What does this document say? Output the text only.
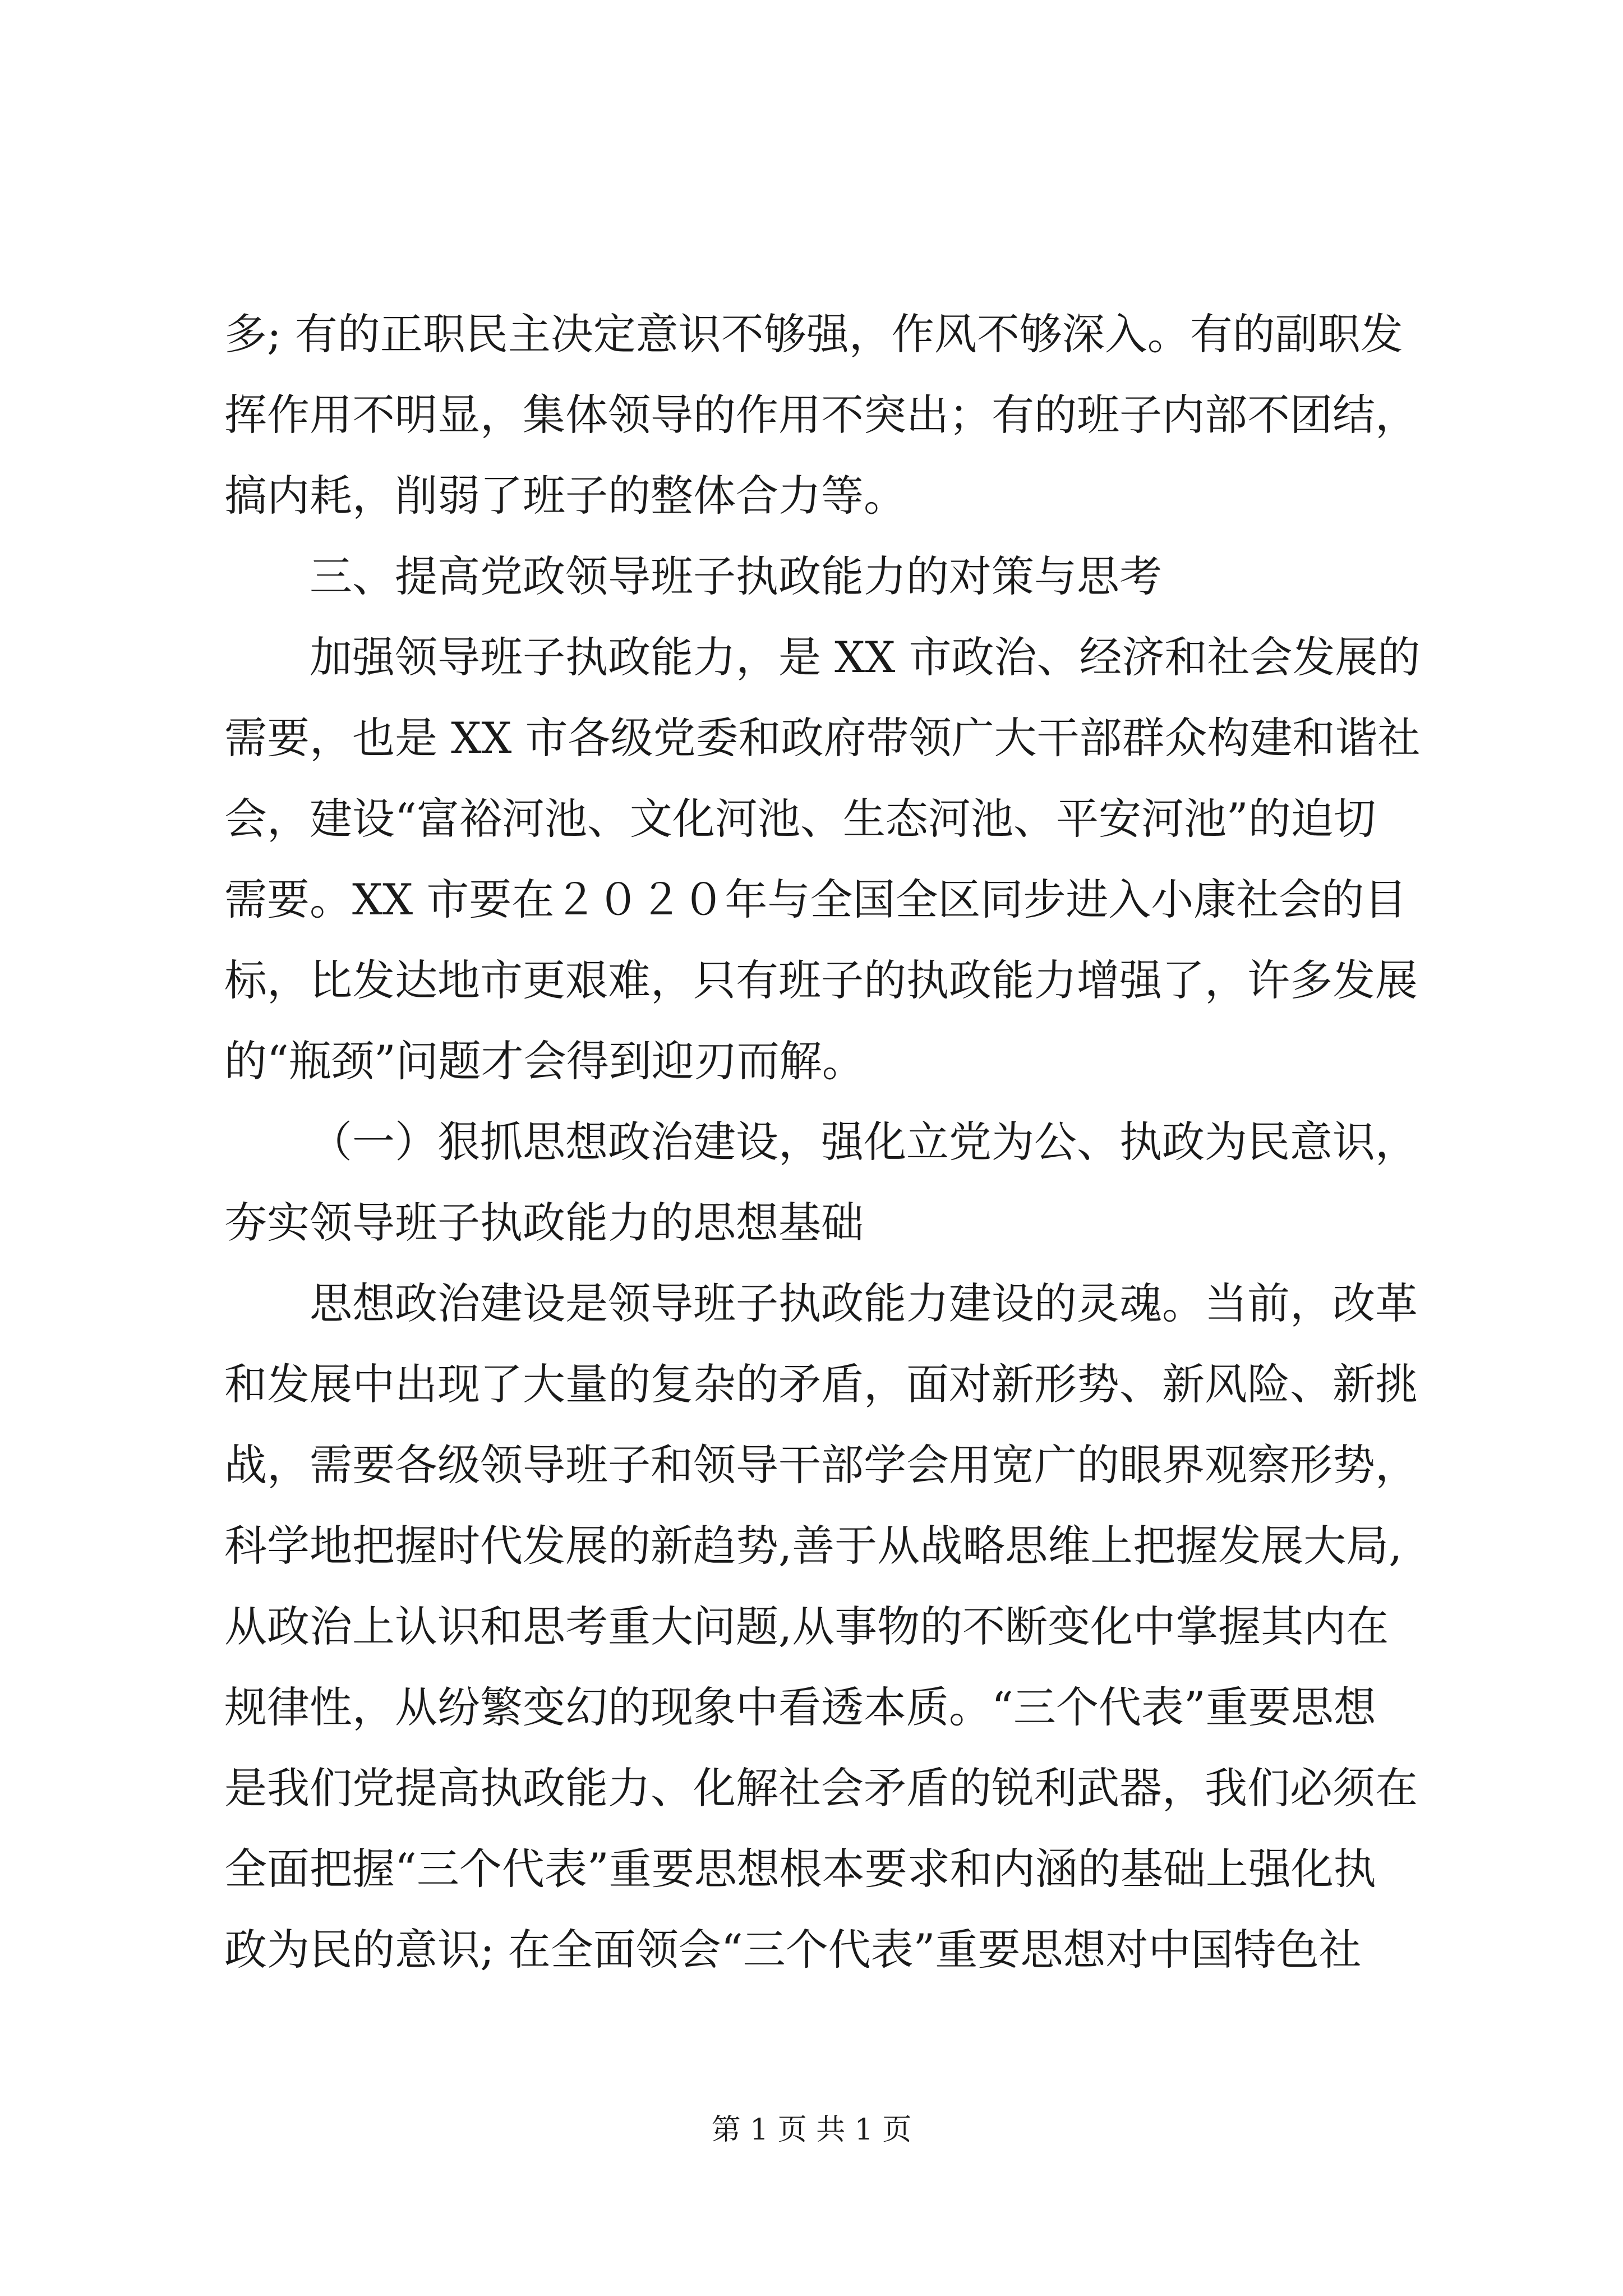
多; 有的正职民主决定意识不够强，作风不够深入。有的副职发
挥作用不明显，集体领导的作用不突出；有的班子内部不团结，
搞内耗，削弱了班子的整体合力等。
三、提高党政领导班子执政能力的对策与思考
加强领导班子执政能力，是 XX 市政治、经济和社会发展的
需要，也是 XX 市各级党委和政府带领广大干部群众构建和谐社
会，建设“富裕河池、文化河池、生态河池、平安河池”的迫切
需要。XX 市要在２０２０年与全国全区同步进入小康社会的目
标，比发达地市更艰难，只有班子的执政能力增强了，许多发展
的“瓶颈”问题才会得到迎刃而解。
（一）狠抓思想政治建设，强化立党为公、执政为民意识，
夯实领导班子执政能力的思想基础
思想政治建设是领导班子执政能力建设的灵魂。当前，改革
和发展中出现了大量的复杂的矛盾，面对新形势、新风险、新挑
战，需要各级领导班子和领导干部学会用宽广的眼界观察形势，
科学地把握时代发展的新趋势,善于从战略思维上把握发展大局,
从政治上认识和思考重大问题,从事物的不断变化中掌握其内在
规律性，从纷繁变幻的现象中看透本质。“三个代表”重要思想
是我们党提高执政能力、化解社会矛盾的锐利武器，我们必须在
全面把握“三个代表”重要思想根本要求和内涵的基础上强化执
政为民的意识; 在全面领会“三个代表”重要思想对中国特色社
第 1 页 共 1 页
